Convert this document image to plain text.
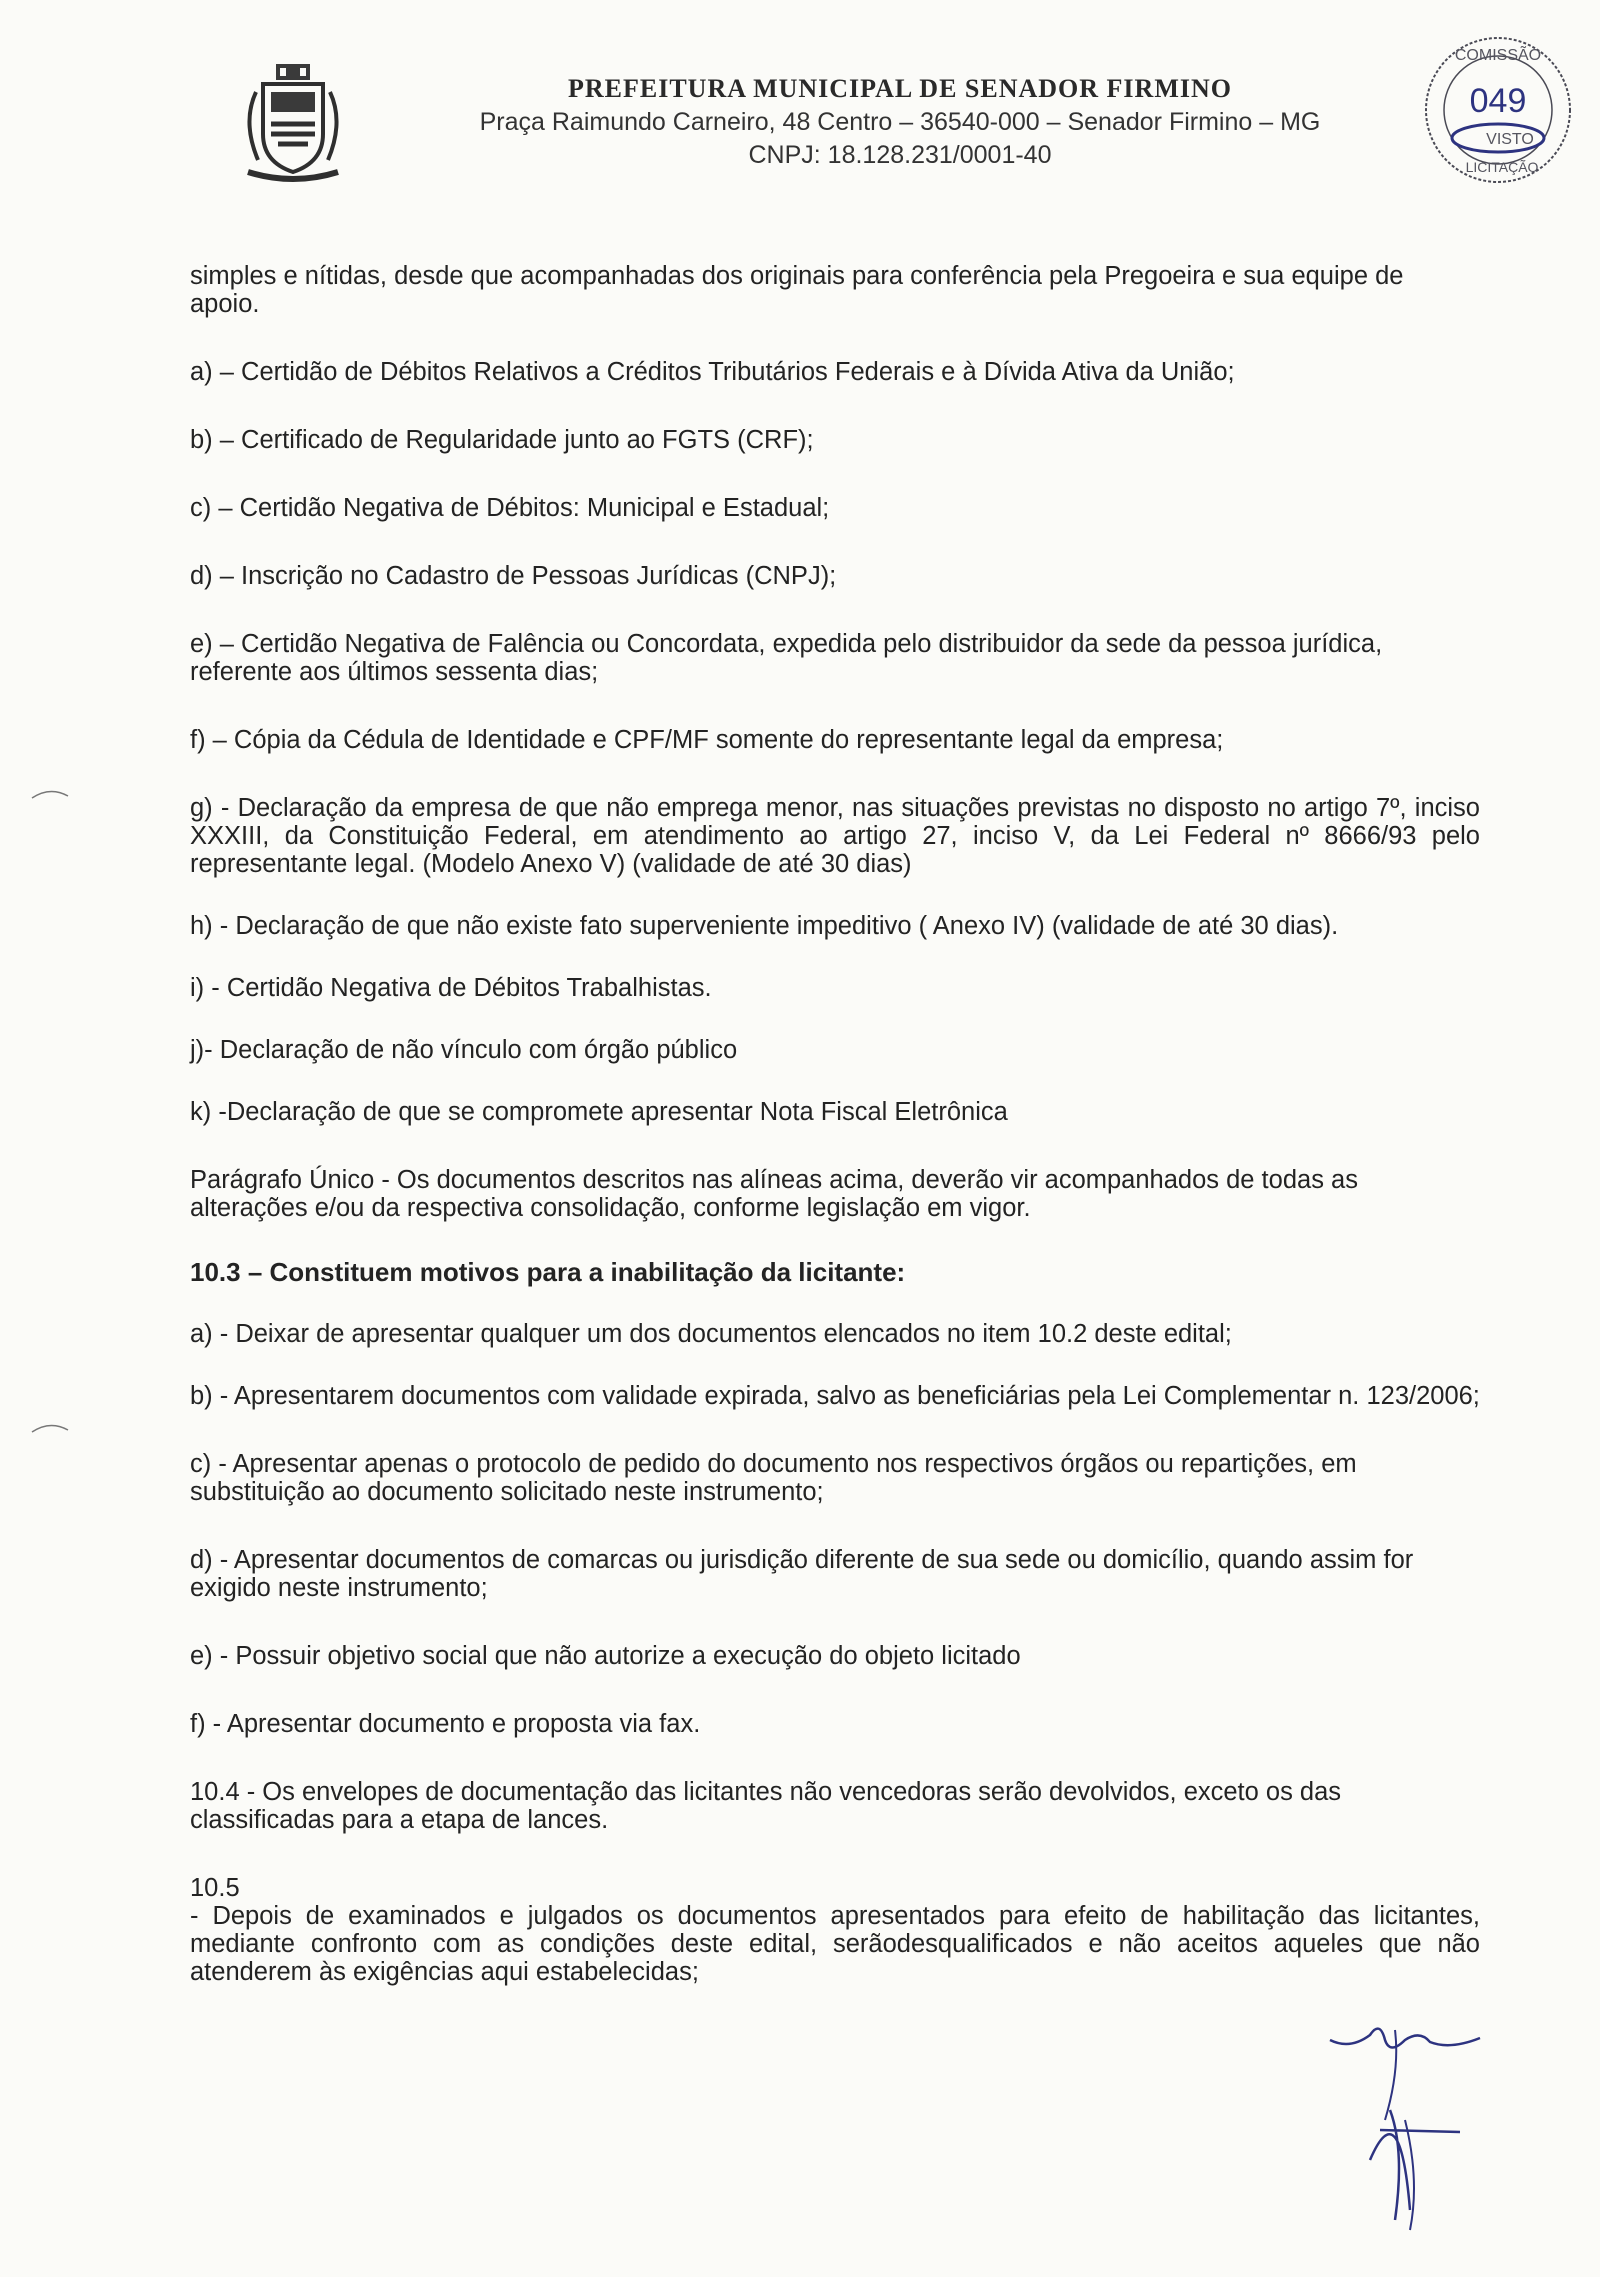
PREFEITURA MUNICIPAL DE SENADOR FIRMINO
Praça Raimundo Carneiro, 48 Centro – 36540-000 – Senador Firmino – MG
CNPJ: 18.128.231/0001-40
COMISSÃO
049
VISTO
LICITAÇÃO

simples e nítidas, desde que acompanhadas dos originais para conferência pela Pregoeira e sua equipe de apoio.

a) – Certidão de Débitos Relativos a Créditos Tributários Federais e à Dívida Ativa da União;

b) – Certificado de Regularidade junto ao FGTS (CRF);

c) – Certidão Negativa de Débitos: Municipal e Estadual;

d) – Inscrição no Cadastro de Pessoas Jurídicas (CNPJ);

e) – Certidão Negativa de Falência ou Concordata, expedida pelo distribuidor da sede da pessoa jurídica, referente aos últimos sessenta dias;

f) – Cópia da Cédula de Identidade e CPF/MF somente do representante legal da empresa;

g) - Declaração da empresa de que não emprega menor, nas situações previstas no disposto no artigo 7º, inciso XXXIII, da Constituição Federal, em atendimento ao artigo 27, inciso V, da Lei Federal nº 8666/93 pelo representante legal. (Modelo Anexo V) (validade de até 30 dias)

h) - Declaração de que não existe fato superveniente impeditivo ( Anexo IV) (validade de até 30 dias).

i) - Certidão Negativa de Débitos Trabalhistas.

j)- Declaração de não vínculo com órgão público

k) -Declaração de que se compromete apresentar Nota Fiscal Eletrônica

Parágrafo Único - Os documentos descritos nas alíneas acima, deverão vir acompanhados de todas as alterações e/ou da respectiva consolidação, conforme legislação em vigor.

10.3 – Constituem motivos para a inabilitação da licitante:

a) - Deixar de apresentar qualquer um dos documentos elencados no item 10.2 deste edital;

b) - Apresentarem documentos com validade expirada, salvo as beneficiárias pela Lei Complementar n. 123/2006;

c) - Apresentar apenas o protocolo de pedido do documento nos respectivos órgãos ou repartições, em substituição ao documento solicitado neste instrumento;

d) - Apresentar documentos de comarcas ou jurisdição diferente de sua sede ou domicílio, quando assim for exigido neste instrumento;

e) - Possuir objetivo social que não autorize a execução do objeto licitado

f) - Apresentar documento e proposta via fax.

10.4 - Os envelopes de documentação das licitantes não vencedoras serão devolvidos, exceto os das classificadas para a etapa de lances.

10.5

- Depois de examinados e julgados os documentos apresentados para efeito de habilitação das licitantes, mediante confronto com as condições deste edital, serãodesqualificados e não aceitos aqueles que não atenderem às exigências aqui estabelecidas;
